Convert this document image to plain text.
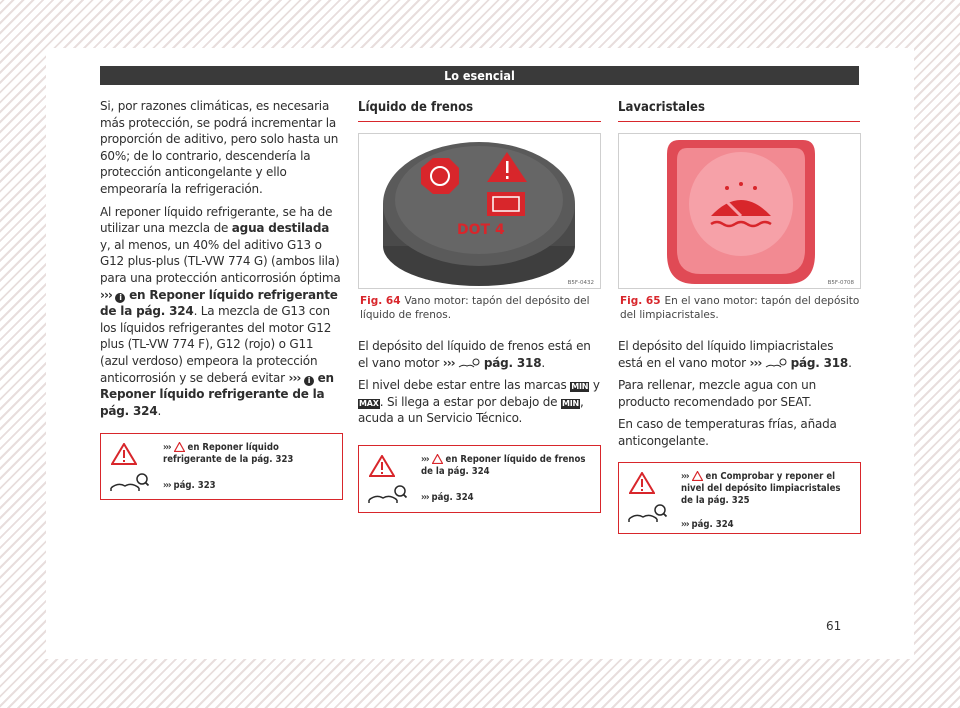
Lo esencial

Si, por razones climáticas, es necesaria más protección, se podrá incrementar la proporción de aditivo, pero solo hasta un 60%; de lo contrario, descendería la protección anticongelante y ello empeoraría la refrigeración.

Al reponer líquido refrigerante, se ha de utilizar una mezcla de agua destilada y, al menos, un 40% del aditivo G13 o G12 plus-plus (TL-VW 774 G) (ambos lila) para una protección anticorrosión óptima ››› i en Reponer líquido refrigerante de la pág. 324. La mezcla de G13 con los líquidos refrigerantes del motor G12 plus (TL-VW 774 F), G12 (rojo) o G11 (azul verdoso) empeora la protección anticorrosión y se deberá evitar ››› i en Reponer líquido refrigerante de la pág. 324.

››› en Reponer líquido refrigerante de la pág. 323
››› pág. 323
Líquido de frenos
DOT 4
B5F-0432
Fig. 64 Vano motor: tapón del depósito del líquido de frenos.

El depósito del líquido de frenos está en el vano motor ››› pág. 318.

El nivel debe estar entre las marcas MIN y MAX. Si llega a estar por debajo de MIN, acuda a un Servicio Técnico.

››› en Reponer líquido de frenos de la pág. 324
››› pág. 324
Lavacristales
B5F-0708
Fig. 65 En el vano motor: tapón del depósito del limpiacristales.

El depósito del líquido limpiacristales está en el vano motor ››› pág. 318.

Para rellenar, mezcle agua con un producto recomendado por SEAT.

En caso de temperaturas frías, añada anticongelante.

››› en Comprobar y reponer el nivel del depósito limpiacristales de la pág. 325
››› pág. 324
61
